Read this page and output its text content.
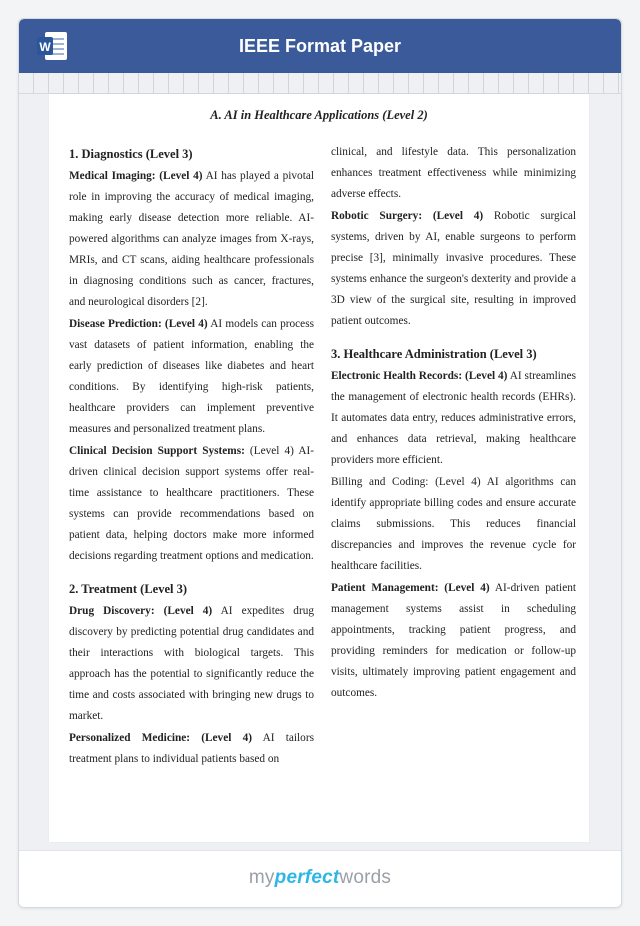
W	IEEE Format Paper
A. AI in Healthcare Applications (Level 2)
1. Diagnostics (Level 3)

Medical Imaging: (Level 4) AI has played a pivotal role in improving the accuracy of medical imaging, making early disease detection more reliable. AI-powered algorithms can analyze images from X-rays, MRIs, and CT scans, aiding healthcare professionals in diagnosing conditions such as cancer, fractures, and neurological disorders [2].

Disease Prediction: (Level 4) AI models can process vast datasets of patient information, enabling the early prediction of diseases like diabetes and heart conditions. By identifying high-risk patients, healthcare providers can implement preventive measures and personalized treatment plans.

Clinical Decision Support Systems: (Level 4) AI-driven clinical decision support systems offer real-time assistance to healthcare practitioners. These systems can provide recommendations based on patient data, helping doctors make more informed decisions regarding treatment options and medication.

2. Treatment (Level 3)

Drug Discovery: (Level 4) AI expedites drug discovery by predicting potential drug candidates and their interactions with biological targets. This approach has the potential to significantly reduce the time and costs associated with bringing new drugs to market.

Personalized Medicine: (Level 4) AI tailors treatment plans to individual patients based on

clinical, and lifestyle data. This personalization enhances treatment effectiveness while minimizing adverse effects.

Robotic Surgery: (Level 4) Robotic surgical systems, driven by AI, enable surgeons to perform precise [3], minimally invasive procedures. These systems enhance the surgeon's dexterity and provide a 3D view of the surgical site, resulting in improved patient outcomes.

3. Healthcare Administration (Level 3)

Electronic Health Records: (Level 4) AI streamlines the management of electronic health records (EHRs). It automates data entry, reduces administrative errors, and enhances data retrieval, making healthcare providers more efficient.

Billing and Coding: (Level 4) AI algorithms can identify appropriate billing codes and ensure accurate claims submissions. This reduces financial discrepancies and improves the revenue cycle for healthcare facilities.

Patient Management: (Level 4) AI-driven patient management systems assist in scheduling appointments, tracking patient progress, and providing reminders for medication or follow-up visits, ultimately improving patient engagement and outcomes.

myperfectwords
